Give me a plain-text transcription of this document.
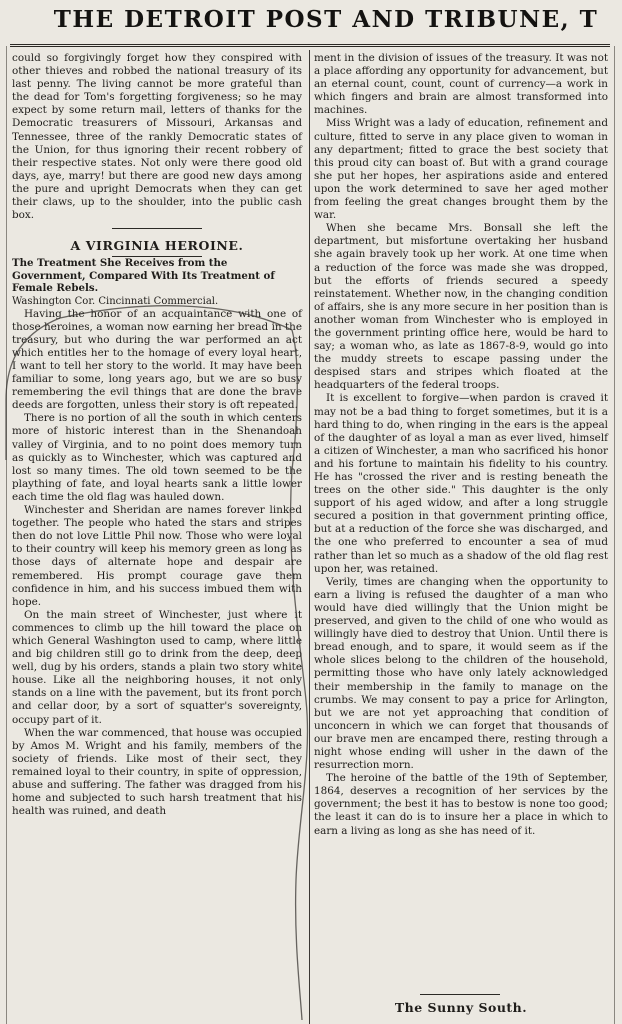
THE DETROIT POST AND TRIBUNE, T

could so forgivingly forget how they conspired with other thieves and robbed the national treasury of its last penny. The living cannot be more grateful than the dead for Tom's forgetting forgiveness; so he may expect by some return mail, letters of thanks for the Democratic treasurers of Missouri, Arkansas and Tennessee, three of the rankly Democratic states of the Union, for thus ignoring their recent robbery of their respective states. Not only were there good old days, aye, marry! but there are good new days among the pure and upright Democrats when they can get their claws, up to the shoulder, into the public cash box.

A VIRGINIA HEROINE.

The Treatment She Receives from the Government, Compared With Its Treatment of Female Rebels.

Washington Cor. Cincinnati Commercial.

Having the honor of an acquaintance with one of those heroines, a woman now earning her bread in the treasury, but who during the war performed an act which entitles her to the homage of every loyal heart, I want to tell her story to the world. It may have been familiar to some, long years ago, but we are so busy remembering the evil things that are done the brave deeds are forgotten, unless their story is oft repeated.

There is no portion of all the south in which centers more of historic interest than in the Shenandoah valley of Virginia, and to no point does memory turn as quickly as to Winchester, which was captured and lost so many times. The old town seemed to be the plaything of fate, and loyal hearts sank a little lower each time the old flag was hauled down.

Winchester and Sheridan are names forever linked together. The people who hated the stars and stripes then do not love Little Phil now. Those who were loyal to their country will keep his memory green as long as those days of alternate hope and despair are remembered. His prompt courage gave them confidence in him, and his success imbued them with hope.

On the main street of Winchester, just where it commences to climb up the hill toward the place on which General Washington used to camp, where little and big children still go to drink from the deep, deep well, dug by his orders, stands a plain two story white house. Like all the neighboring houses, it not only stands on a line with the pavement, but its front porch and cellar door, by a sort of squatter's sovereignty, occupy part of it.

When the war commenced, that house was occupied by Amos M. Wright and his family, members of the society of friends. Like most of their sect, they remained loyal to their country, in spite of oppression, abuse and suffering. The father was dragged from his home and subjected to such harsh treatment that his health was ruined, and death

ment in the division of issues of the treasury. It was not a place affording any opportunity for advancement, but an eternal count, count, count of currency—a work in which fingers and brain are almost transformed into machines.

Miss Wright was a lady of education, refinement and culture, fitted to serve in any place given to woman in any department; fitted to grace the best society that this proud city can boast of. But with a grand courage she put her hopes, her aspirations aside and entered upon the work determined to save her aged mother from feeling the great changes brought them by the war.

When she became Mrs. Bonsall she left the department, but misfortune overtaking her husband she again bravely took up her work. At one time when a reduction of the force was made she was dropped, but the efforts of friends secured a speedy reinstatement. Whether now, in the changing condition of affairs, she is any more secure in her position than is another woman from Winchester who is employed in the government printing office here, would be hard to say; a woman who, as late as 1867-8-9, would go into the muddy streets to escape passing under the despised stars and stripes which floated at the headquarters of the federal troops.

It is excellent to forgive—when pardon is craved it may not be a bad thing to forget sometimes, but it is a hard thing to do, when ringing in the ears is the appeal of the daughter of as loyal a man as ever lived, himself a citizen of Winchester, a man who sacrificed his honor and his fortune to maintain his fidelity to his country. He has "crossed the river and is resting beneath the trees on the other side." This daughter is the only support of his aged widow, and after a long struggle secured a position in that government printing office, but at a reduction of the force she was discharged, and the one who preferred to encounter a sea of mud rather than let so much as a shadow of the old flag rest upon her, was retained.

Verily, times are changing when the opportunity to earn a living is refused the daughter of a man who would have died willingly that the Union might be preserved, and given to the child of one who would as willingly have died to destroy that Union. Until there is bread enough, and to spare, it would seem as if the whole slices belong to the children of the household, permitting those who have only lately acknowledged their membership in the family to manage on the crumbs. We may consent to pay a price for Arlington, but we are not yet approaching that condition of unconcern in which we can forget that thousands of our brave men are encamped there, resting through a night whose ending will usher in the dawn of the resurrection morn.

The heroine of the battle of the 19th of September, 1864, deserves a recognition of her services by the government; the best it has to bestow is none too good; the least it can do is to insure her a place in which to earn a living as long as she has need of it.

The Sunny South.
